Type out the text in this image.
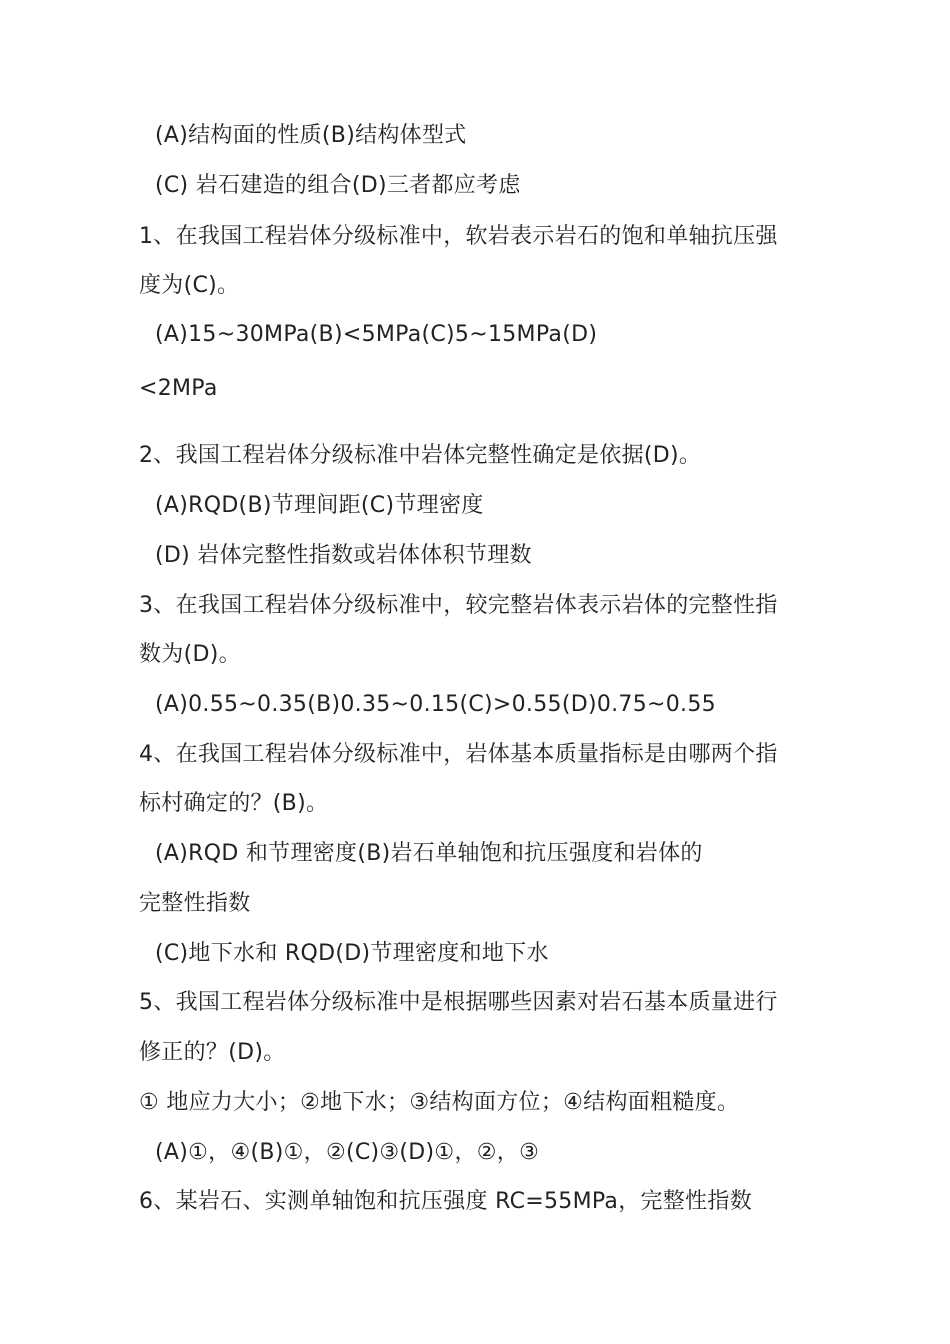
(A)结构面的性质(B)结构体型式
(C) 岩石建造的组合(D)三者都应考虑
1、在我国工程岩体分级标准中，软岩表示岩石的饱和单轴抗压强
度为(C)。
(A)15~30MPa(B)<5MPa(C)5~15MPa(D)
<2MPa
2、我国工程岩体分级标准中岩体完整性确定是依据(D)。
(A)RQD(B)节理间距(C)节理密度
(D) 岩体完整性指数或岩体体积节理数
3、在我国工程岩体分级标准中，较完整岩体表示岩体的完整性指
数为(D)。
(A)0.55~0.35(B)0.35~0.15(C)>0.55(D)0.75~0.55
4、在我国工程岩体分级标准中，岩体基本质量指标是由哪两个指
标村确定的？(B)。
(A)RQD 和节理密度(B)岩石单轴饱和抗压强度和岩体的
完整性指数
(C)地下水和 RQD(D)节理密度和地下水
5、我国工程岩体分级标准中是根据哪些因素对岩石基本质量进行
修正的？(D)。
① 地应力大小；②地下水；③结构面方位；④结构面粗糙度。
(A)①，④(B)①，②(C)③(D)①，②，③
6、某岩石、实测单轴饱和抗压强度 RC=55MPa，完整性指数
